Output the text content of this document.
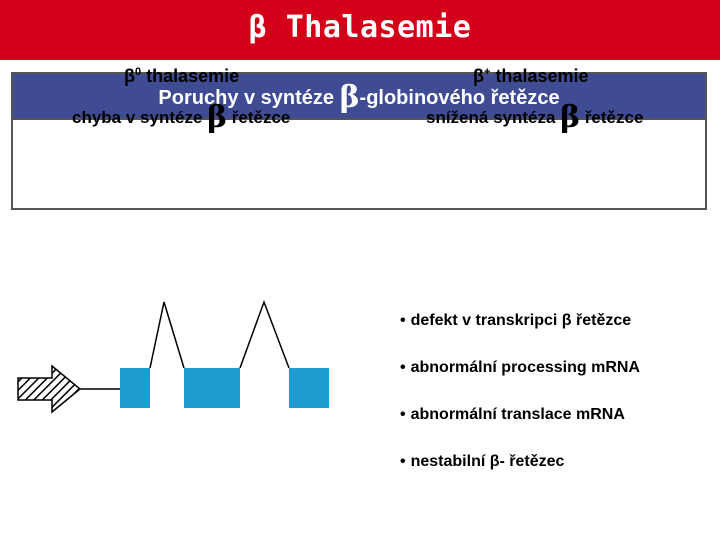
β Thalasemie
Poruchy v syntéze β-globinového řetězce
$\beta^0$ thalasemie
chyba v syntéze β řetězce
β+ thalasemie
snížená syntéza β řetězce
• defekt v transkripci β řetězce
• abnormální processing mRNA
• abnormální translace mRNA
• nestabilní β- řetězec
